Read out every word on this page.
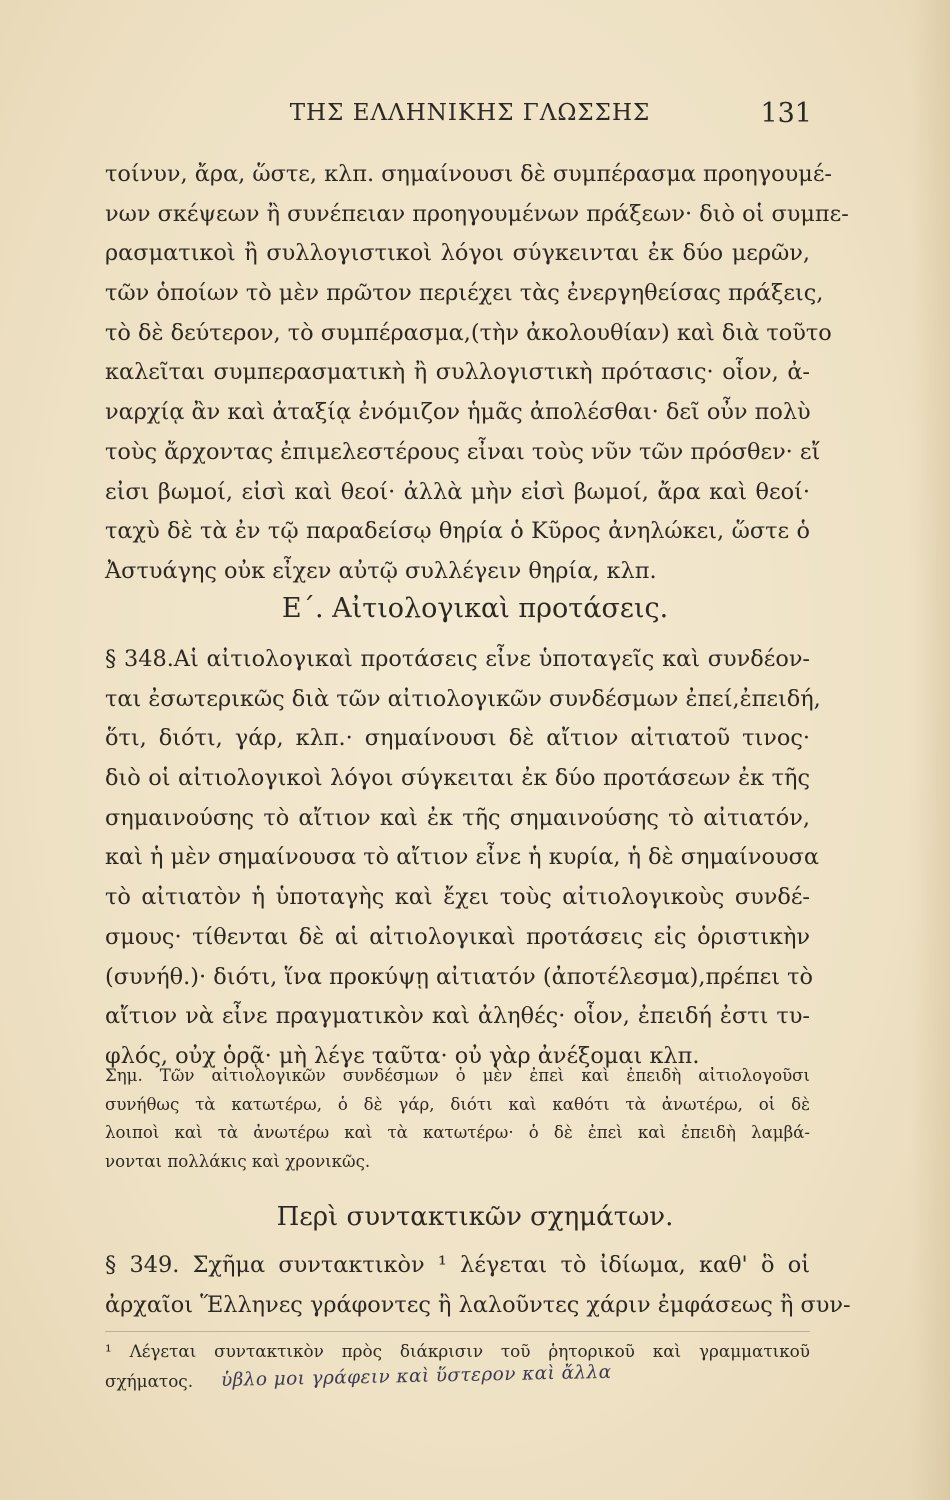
ΤΗΣ ΕΛΛΗΝΙΚΗΣ ΓΛΩΣΣΗΣ	131
τοίνυν, ἄρα, ὥστε, κλπ. σημαίνουσι δὲ συμπέρασμα προηγουμέ-
νων σκέψεων ἢ συνέπειαν προηγουμένων πράξεων· διὸ οἱ συμπε-
ρασματικοὶ ἢ συλλογιστικοὶ λόγοι σύγκεινται ἐκ δύο μερῶν,
τῶν ὁποίων τὸ μὲν πρῶτον περιέχει τὰς ἐνεργηθείσας πράξεις,
τὸ δὲ δεύτερον, τὸ συμπέρασμα,(τὴν ἀκολουθίαν) καὶ διὰ τοῦτο
καλεῖται συμπερασματικὴ ἢ συλλογιστικὴ πρότασις· οἷον, ἀ-
ναρχίᾳ ἂν καὶ ἀταξίᾳ ἐνόμιζον ἡμᾶς ἀπολέσθαι· δεῖ οὖν πολὺ
τοὺς ἄρχοντας ἐπιμελεστέρους εἶναι τοὺς νῦν τῶν πρόσθεν· εἴ
εἰσι βωμοί, εἰσὶ καὶ θεοί· ἀλλὰ μὴν εἰσὶ βωμοί, ἄρα καὶ θεοί·
ταχὺ δὲ τὰ ἐν τῷ παραδείσῳ θηρία ὁ Κῦρος ἀνηλώκει, ὥστε ὁ
Ἀστυάγης οὐκ εἶχεν αὐτῷ συλλέγειν θηρία, κλπ.
Ε΄. Αἰτιολογικαὶ προτάσεις.
§ 348.Αἱ αἰτιολογικαὶ προτάσεις εἶνε ὑποταγεῖς καὶ συνδέον-
ται ἐσωτερικῶς διὰ τῶν αἰτιολογικῶν συνδέσμων ἐπεί,ἐπειδή,
ὅτι, διότι, γάρ, κλπ.· σημαίνουσι δὲ αἴτιον αἰτιατοῦ τινος·
διὸ οἱ αἰτιολογικοὶ λόγοι σύγκειται ἐκ δύο προτάσεων ἐκ τῆς
σημαινούσης τὸ αἴτιον καὶ ἐκ τῆς σημαινούσης τὸ αἰτιατόν,
καὶ ἡ μὲν σημαίνουσα τὸ αἴτιον εἶνε ἡ κυρία, ἡ δὲ σημαίνουσα
τὸ αἰτιατὸν ἡ ὑποταγὴς καὶ ἔχει τοὺς αἰτιολογικοὺς συνδέ-
σμους· τίθενται δὲ αἱ αἰτιολογικαὶ προτάσεις εἰς ὁριστικὴν
(συνήθ.)· διότι, ἵνα προκύψῃ αἰτιατόν (ἀποτέλεσμα),πρέπει τὸ
αἴτιον νὰ εἶνε πραγματικὸν καὶ ἀληθές· οἷον, ἐπειδή ἐστι τυ-
φλός, οὐχ ὁρᾷ· μὴ λέγε ταῦτα· οὐ γὰρ ἀνέξομαι κλπ.
Σημ. Τῶν αἰτιολογικῶν συνδέσμων ὁ μὲν ἐπεὶ καὶ ἐπειδὴ αἰτιολογοῦσι
συνήθως τὰ κατωτέρω, ὁ δὲ γάρ, διότι καὶ καθότι τὰ ἀνωτέρω, οἱ δὲ
λοιποὶ καὶ τὰ ἀνωτέρω καὶ τὰ κατωτέρω· ὁ δὲ ἐπεὶ καὶ ἐπειδὴ λαμβά-
νονται πολλάκις καὶ χρονικῶς.
Περὶ συντακτικῶν σχημάτων.
§ 349. Σχῆμα συντακτικὸν ¹ λέγεται τὸ ἰδίωμα, καθ' ὃ οἱ
ἀρχαῖοι Ἕλληνες γράφοντες ἢ λαλοῦντες χάριν ἐμφάσεως ἢ συν-
¹ Λέγεται συντακτικὸν πρὸς διάκρισιν τοῦ ῥητορικοῦ καὶ γραμματικοῦ
σχήματος. ὑβλο μοι γράφειν καὶ ὕστερον καὶ ἄλλα
